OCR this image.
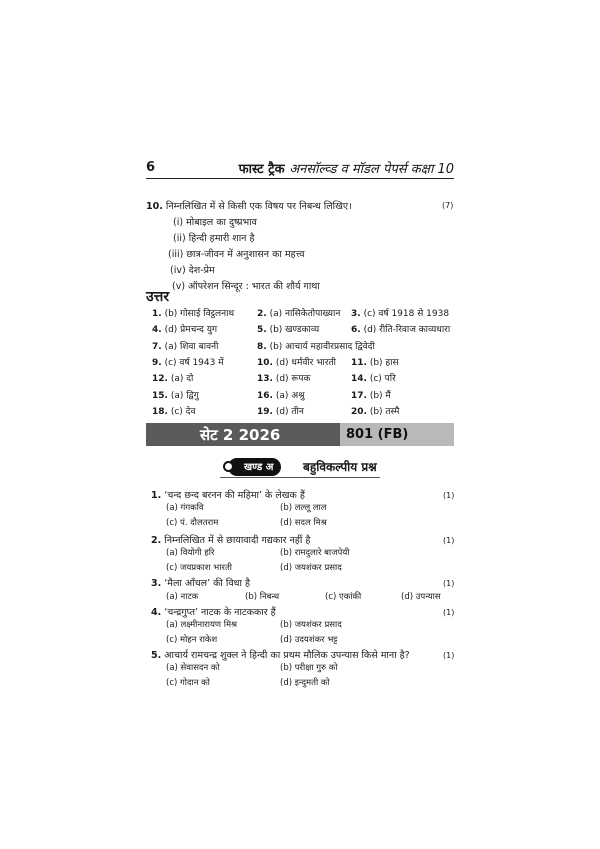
6	फास्ट ट्रैक अनसॉल्व्ड व मॉडल पेपर्स कक्षा 10
10. निम्नलिखित में से किसी एक विषय पर निबन्ध लिखिए।	(7)
(i) मोबाइल का दुष्प्रभाव
(ii) हिन्दी हमारी शान है
(iii) छात्र-जीवन में अनुशासन का महत्त्व
(iv) देश-प्रेम
(v) ऑपरेशन सिन्दूर : भारत की शौर्य गाथा
उत्तर
1. (b) गोसाई विट्ठलनाथ	2. (a) नासिकेतोपाख्यान 3. (c) वर्ष 1918 से 1938
4. (d) प्रेमचन्द युग	5. (b) खण्डकाव्य	6. (d) रीति-रिवाज काव्यधारा
7. (a) शिवा बावनी	8. (b) आचार्य महावीरप्रसाद द्विवेदी
9. (c) वर्ष 1943 में	10. (d) धर्मवीर भारती 11. (b) हास
12. (a) दो	13. (d) रूपक	14. (c) परि
15. (a) द्विगु	16. (a) अश्रु	17. (b) मैं
18. (c) देव	19. (d) तीन	20. (b) तस्मै
सेट 2 2026	801 (FB)
खण्ड अ	बहुविकल्पीय प्रश्न
1. ‘चन्द छन्द बरनन की महिमा’ के लेखक हैं	(1)
(a) गंगकवि	(b) लल्लू लाल
(c) पं. दौलतराम	(d) सदल मिश्र
2. निम्नलिखित में से छायावादी गद्यकार नहीं है	(1)
(a) वियोगी हरि	(b) रामदुलारे बाजपेयी
(c) जयप्रकाश भारती	(d) जयशंकर प्रसाद
3. ‘मैला आँचल’ की विधा है	(1)
(a) नाटक	(b) निबन्ध	(c) एकांकी	(d) उपन्यास
4. ‘चन्द्रगुप्त’ नाटक के नाटककार हैं	(1)
(a) लक्ष्मीनारायण मिश्र	(b) जयशंकर प्रसाद
(c) मोहन राकेश	(d) उदयशंकर भट्ट
5. आचार्य रामचन्द्र शुक्ल ने हिन्दी का प्रथम मौलिक उपन्यास किसे माना है?	(1)
(a) सेवासदन को	(b) परीक्षा गुरु को
(c) गोदान को	(d) इन्दुमती को
